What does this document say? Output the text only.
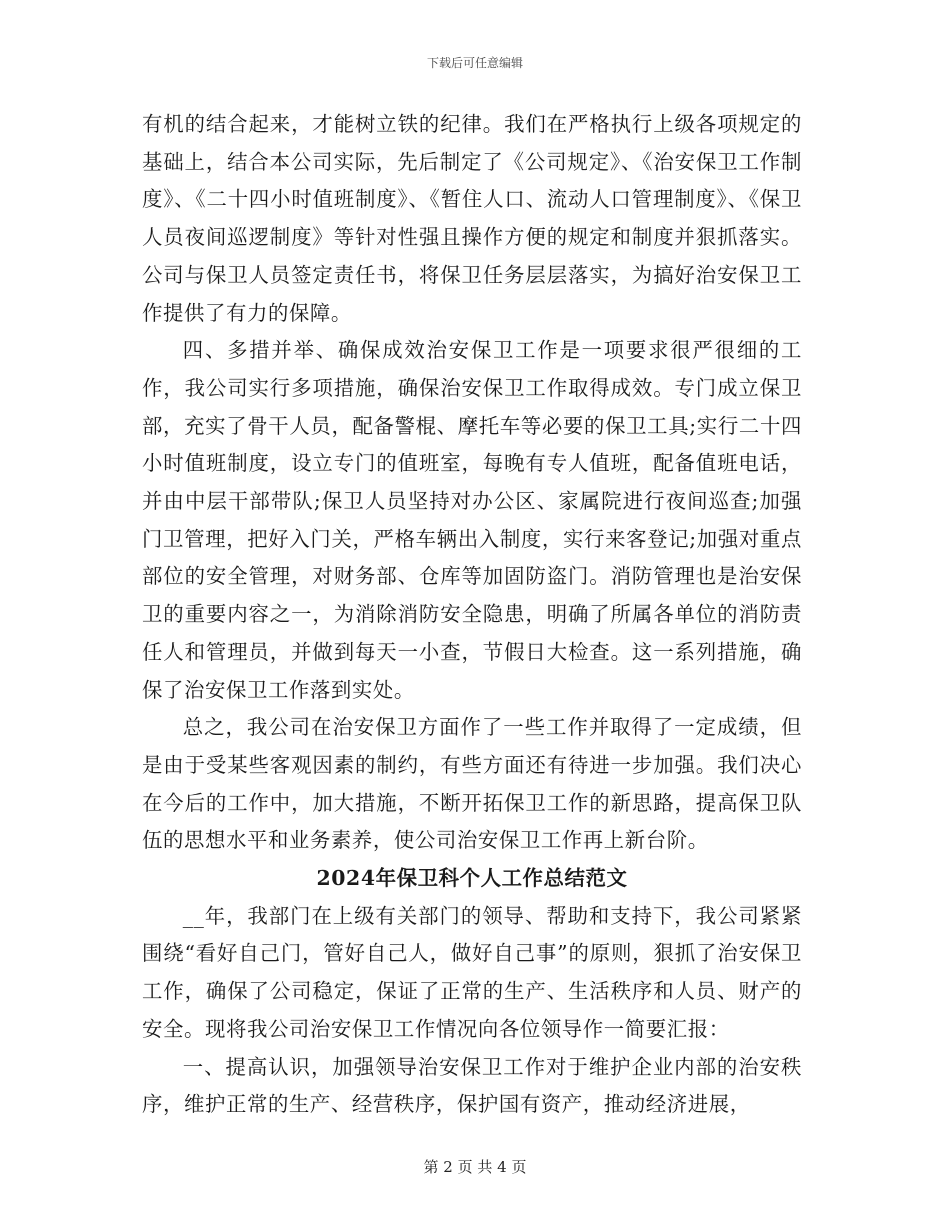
下载后可任意编辑

有机的结合起来，才能树立铁的纪律。我们在严格执行上级各项规定的基础上，结合本公司实际，先后制定了《公司规定》、《治安保卫工作制度》、《二十四小时值班制度》、《暂住人口、流动人口管理制度》、《保卫人员夜间巡逻制度》等针对性强且操作方便的规定和制度并狠抓落实。公司与保卫人员签定责任书，将保卫任务层层落实，为搞好治安保卫工作提供了有力的保障。

四、多措并举、确保成效治安保卫工作是一项要求很严很细的工作，我公司实行多项措施，确保治安保卫工作取得成效。专门成立保卫部，充实了骨干人员，配备警棍、摩托车等必要的保卫工具;实行二十四小时值班制度，设立专门的值班室，每晚有专人值班，配备值班电话，并由中层干部带队;保卫人员坚持对办公区、家属院进行夜间巡查;加强门卫管理，把好入门关，严格车辆出入制度，实行来客登记;加强对重点部位的安全管理，对财务部、仓库等加固防盗门。消防管理也是治安保卫的重要内容之一，为消除消防安全隐患，明确了所属各单位的消防责任人和管理员，并做到每天一小查，节假日大检查。这一系列措施，确保了治安保卫工作落到实处。

总之，我公司在治安保卫方面作了一些工作并取得了一定成绩，但是由于受某些客观因素的制约，有些方面还有待进一步加强。我们决心在今后的工作中，加大措施，不断开拓保卫工作的新思路，提高保卫队伍的思想水平和业务素养，使公司治安保卫工作再上新台阶。

2024年保卫科个人工作总结范文

__年，我部门在上级有关部门的领导、帮助和支持下，我公司紧紧围绕“看好自己门，管好自己人，做好自己事”的原则，狠抓了治安保卫工作，确保了公司稳定，保证了正常的生产、生活秩序和人员、财产的安全。现将我公司治安保卫工作情况向各位领导作一简要汇报：

一、提高认识，加强领导治安保卫工作对于维护企业内部的治安秩序，维护正常的生产、经营秩序，保护国有资产，推动经济进展，

第 2 页 共 4 页
